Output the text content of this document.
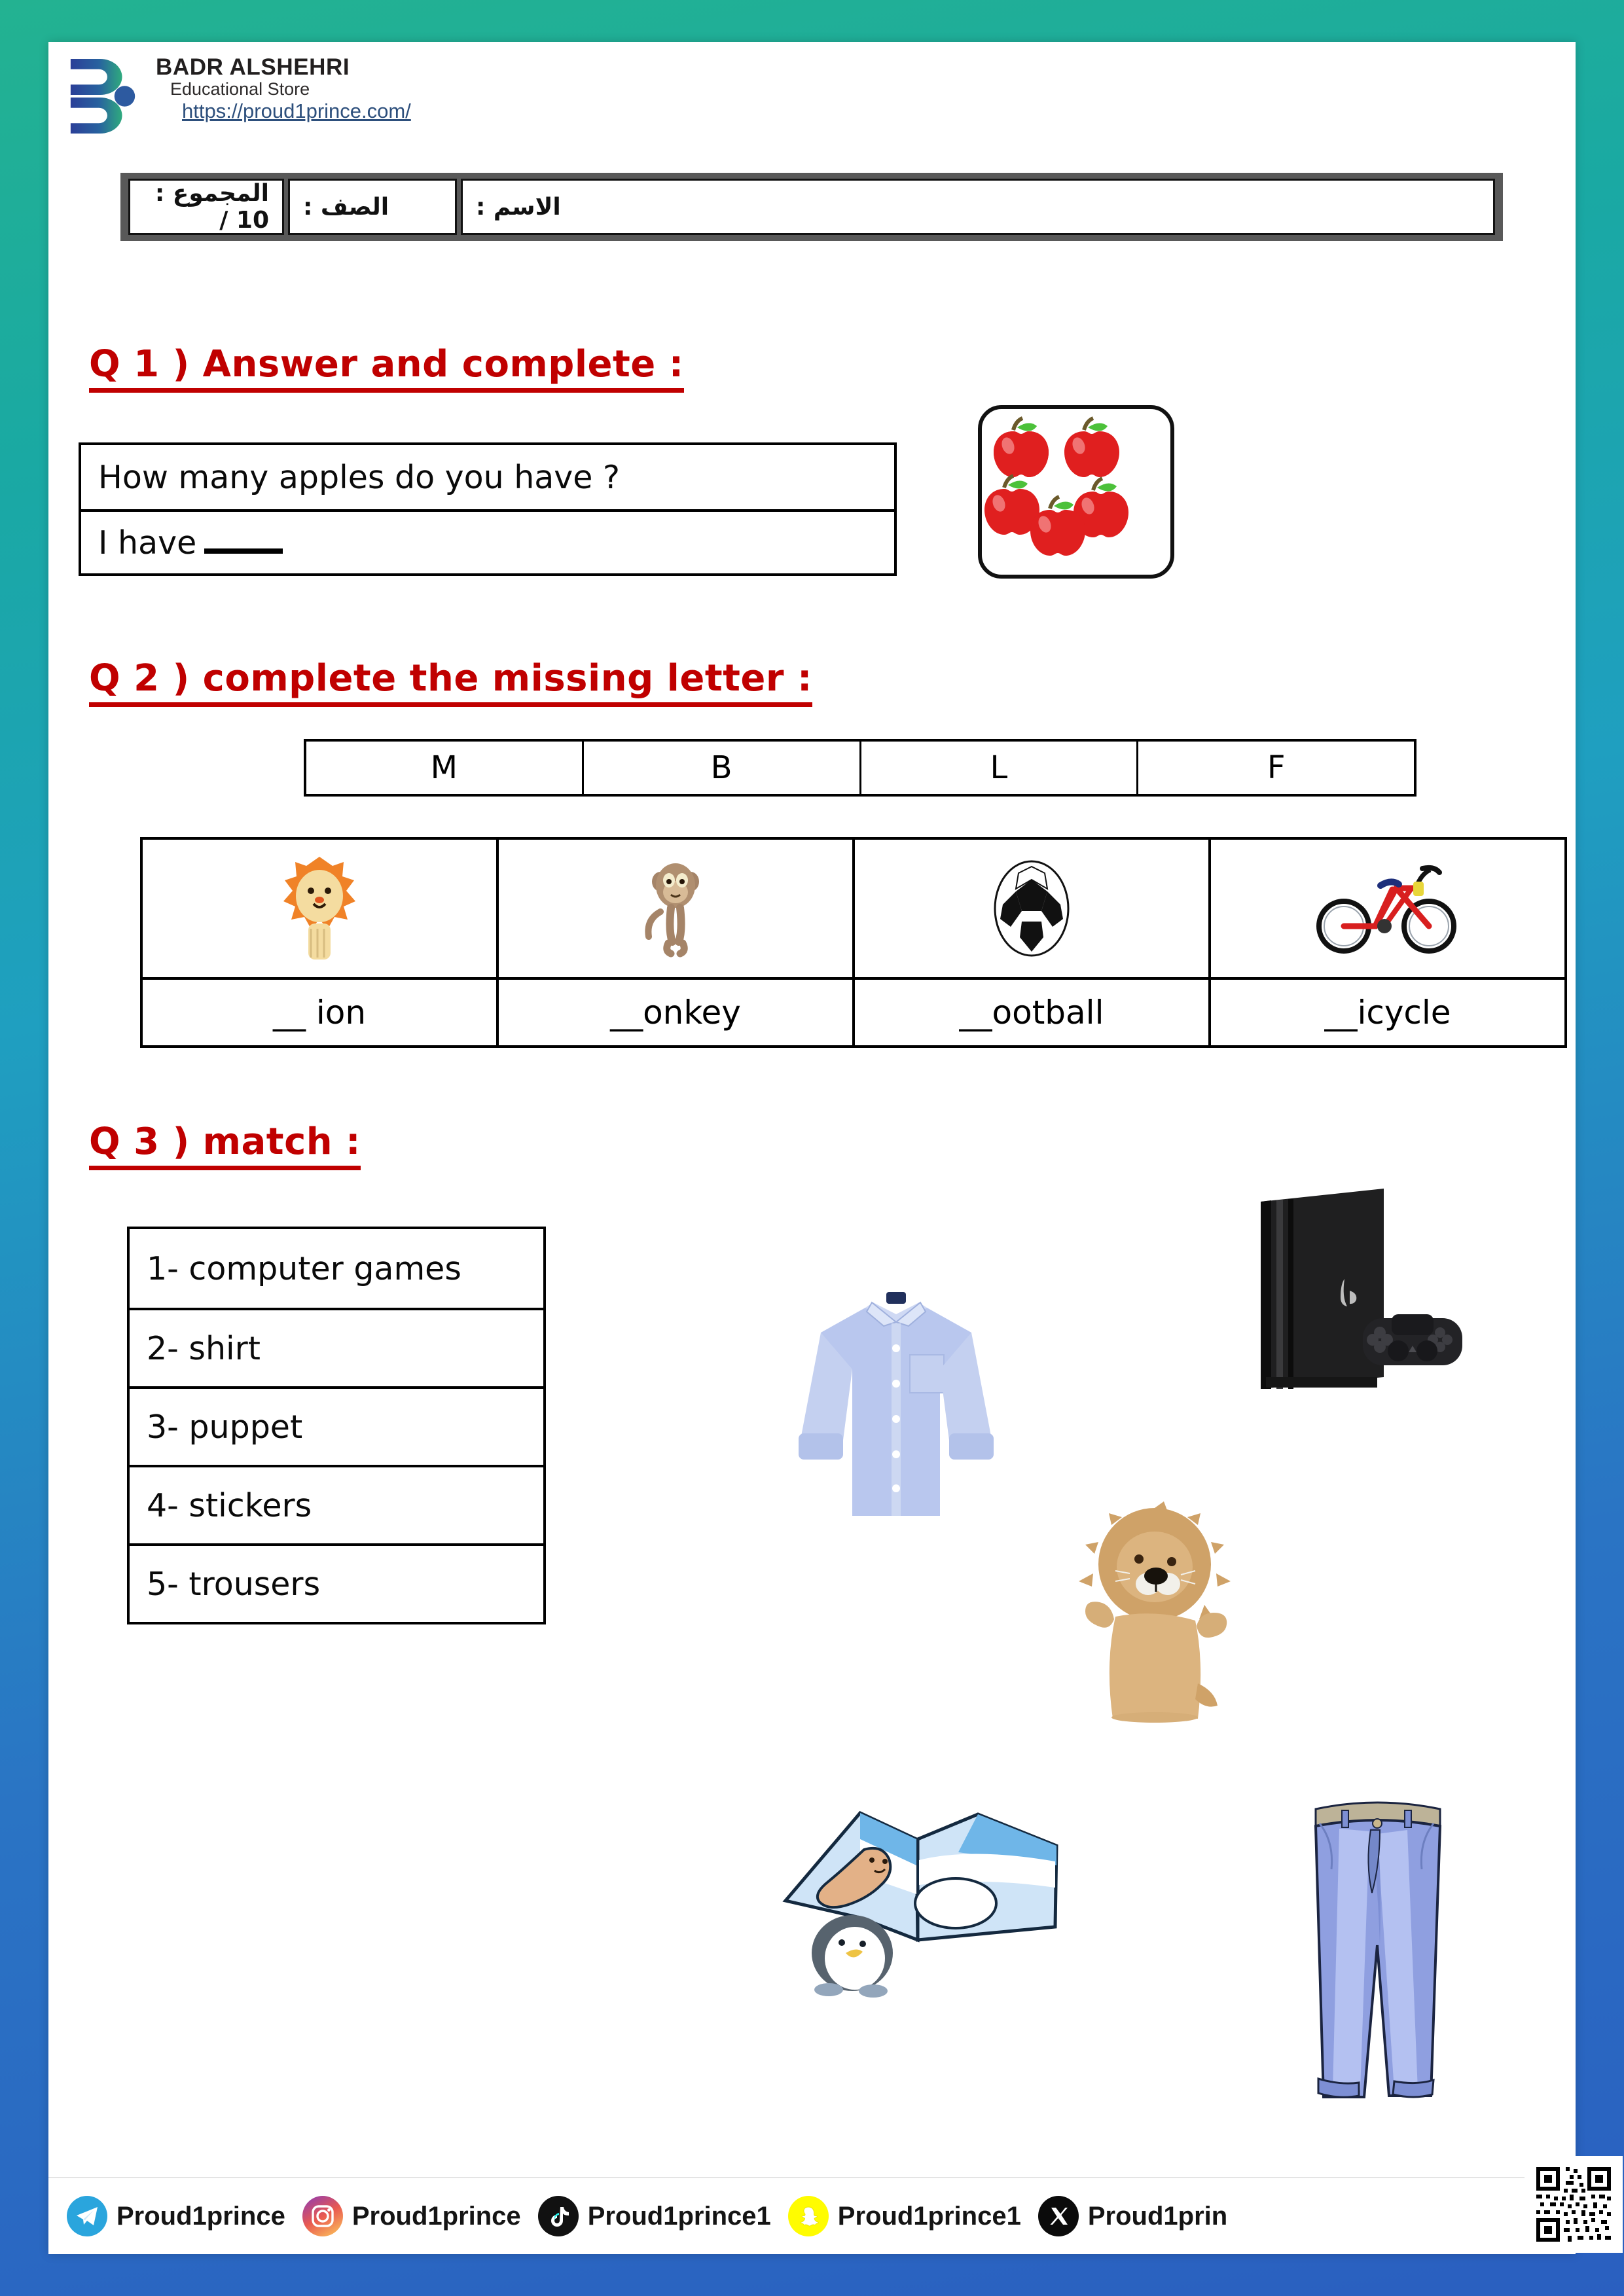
BADR ALSHEHRI
Educational Store
https://proud1prince.com/
المجموع : 10 /	الصف :	الاسم :
Q 1 ) Answer and complete :
How many apples do you have ?
I have
Q 2 ) complete the missing letter :
M	B	L	F
__ ion	__onkey	__ootball	__icycle
Q 3 ) match :
1- computer games
2- shirt
3- puppet
4- stickers
5- trousers
Proud1prince	Proud1prince	Proud1prince1	Proud1prince1	Proud1prin
